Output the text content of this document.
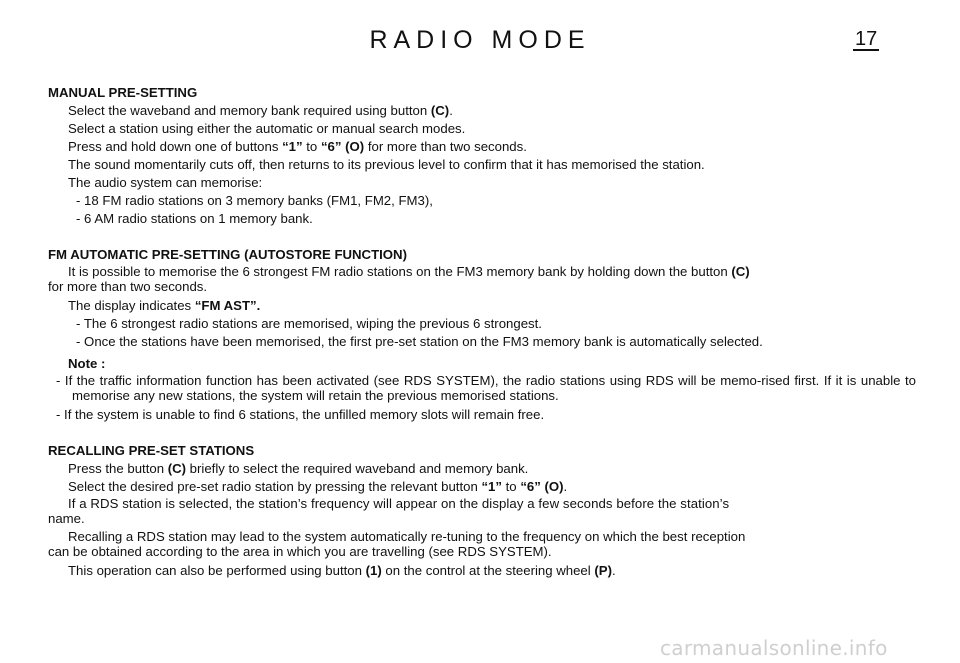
RADIO MODE	17
MANUAL PRE-SETTING
Select the waveband and memory bank required using button (C).
Select a station using either the automatic or manual search modes.
Press and hold down one of buttons “1” to “6” (O) for more than two seconds.
The sound momentarily cuts off, then returns to its previous level to confirm that it has memorised the station.
The audio system can memorise:
- 18 FM radio stations on 3 memory banks (FM1, FM2, FM3),
- 6 AM radio stations on 1 memory bank.
FM AUTOMATIC PRE-SETTING (AUTOSTORE FUNCTION)
It is possible to memorise the 6 strongest FM radio stations on the FM3 memory bank by holding down the button (C)
for more than two seconds.
The display indicates “FM AST”.
- The 6 strongest radio stations are memorised, wiping the previous 6 strongest.
- Once the stations have been memorised, the first pre-set station on the FM3 memory bank is automatically selected.
Note :
- If the traffic information function has been activated (see RDS SYSTEM), the radio stations using RDS will be memo-rised first. If it is unable to memorise any new stations, the system will retain the previous memorised stations.
- If the system is unable to find 6 stations, the unfilled memory slots will remain free.
RECALLING PRE-SET STATIONS
Press the button (C) briefly to select the required waveband and memory bank.
Select the desired pre-set radio station by pressing the relevant button “1” to “6” (O).
If a RDS station is selected, the station’s frequency will appear on the display a few seconds before the station’s
name.
Recalling a RDS station may lead to the system automatically re-tuning to the frequency on which the best reception
can be obtained according to the area in which you are travelling (see RDS SYSTEM).
This operation can also be performed using button (1) on the control at the steering wheel (P).
carmanualsonline.info
